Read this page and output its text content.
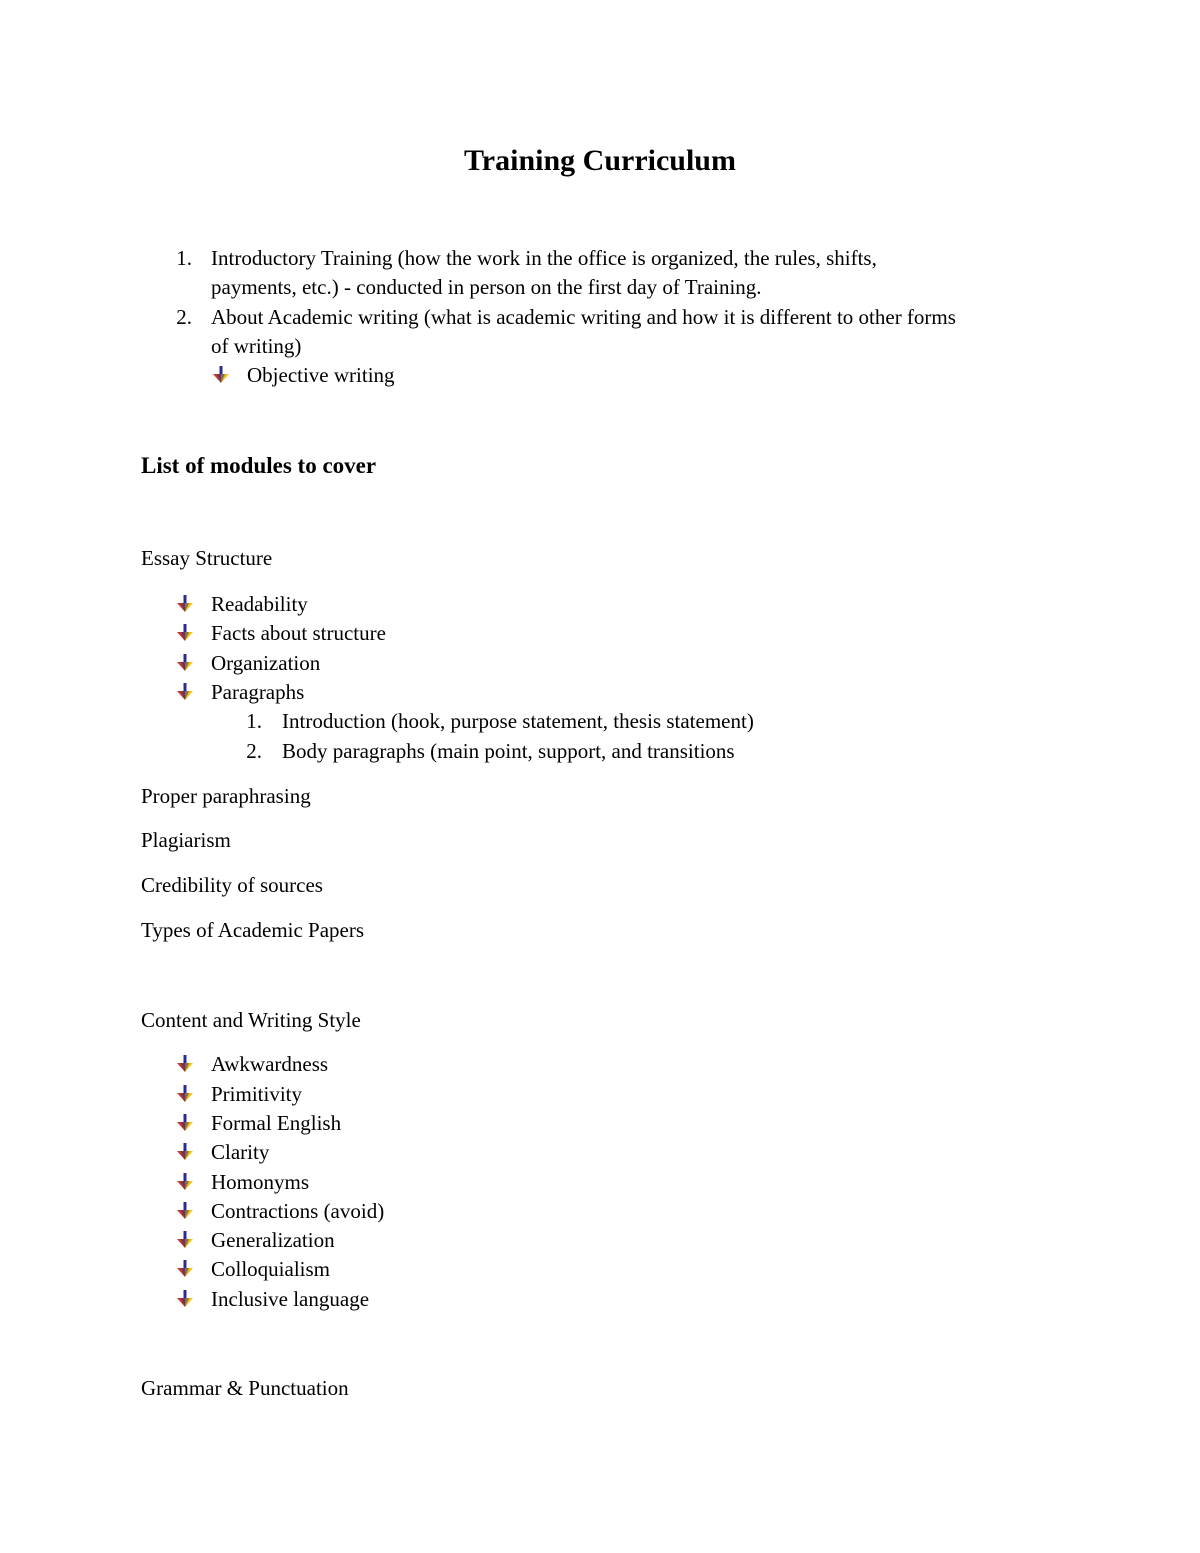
Training Curriculum
1. Introductory Training (how the work in the office is organized, the rules, shifts,
payments, etc.) - conducted in person on the first day of Training.
2. About Academic writing (what is academic writing and how it is different to other forms
of writing)
Objective writing
List of modules to cover
Essay Structure
Readability
Facts about structure
Organization
Paragraphs
1. Introduction (hook, purpose statement, thesis statement)
2. Body paragraphs (main point, support, and transitions
Proper paraphrasing
Plagiarism
Credibility of sources
Types of Academic Papers
Content and Writing Style
Awkwardness
Primitivity
Formal English
Clarity
Homonyms
Contractions (avoid)
Generalization
Colloquialism
Inclusive language
Grammar & Punctuation
